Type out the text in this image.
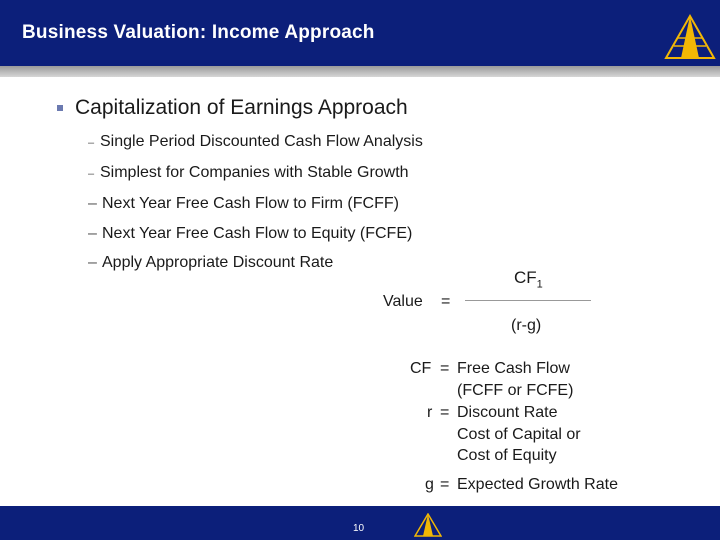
Business Valuation: Income Approach
Capitalization of Earnings Approach
– Single Period Discounted Cash Flow Analysis
– Simplest for Companies with Stable Growth
– Next Year Free Cash Flow to Firm (FCFF)
– Next Year Free Cash Flow to Equity (FCFE)
– Apply Appropriate Discount Rate
$CF_1$
Value =
(r-g)
CF = Free Cash Flow
(FCFF or FCFE)
r = Discount Rate
Cost of Capital or
Cost of Equity
g = Expected Growth Rate
10
